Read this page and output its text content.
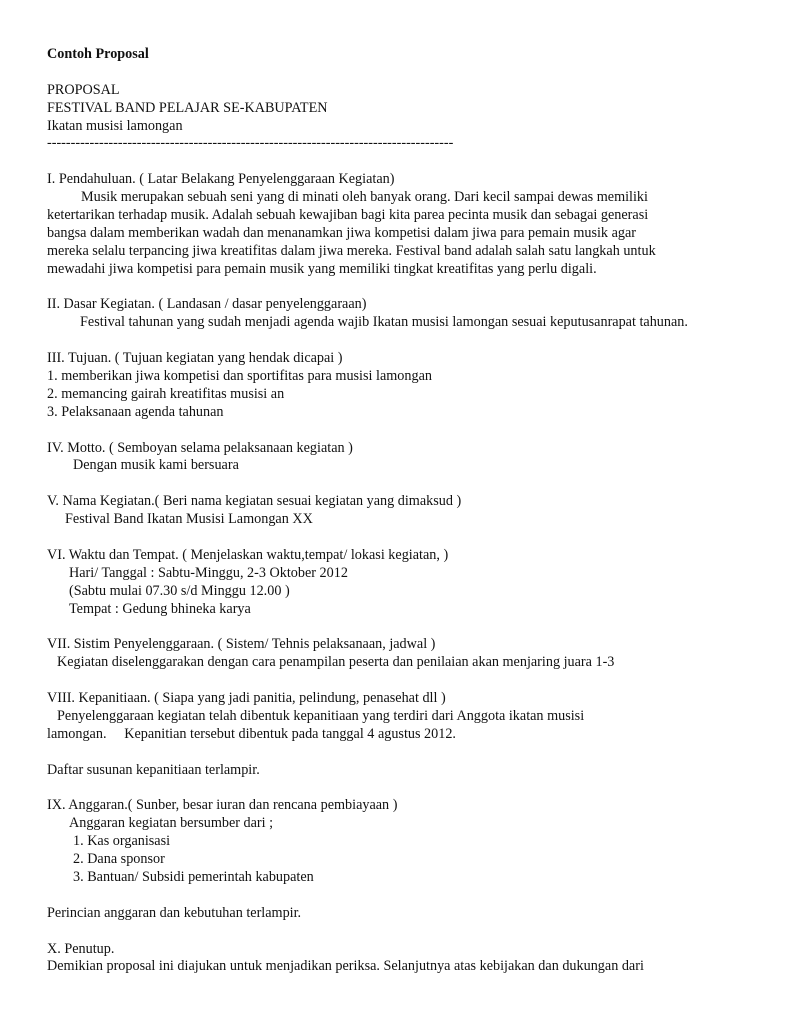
Contoh Proposal
PROPOSAL
FESTIVAL BAND PELAJAR SE-KABUPATEN
Ikatan musisi lamongan
--------------------------------------------------------------------------------------
I. Pendahuluan. ( Latar Belakang Penyelenggaraan Kegiatan)
Musik merupakan sebuah seni yang di minati oleh banyak orang. Dari kecil sampai dewas memiliki
ketertarikan terhadap musik. Adalah sebuah kewajiban bagi kita parea pecinta musik dan sebagai generasi
bangsa dalam memberikan wadah dan menanamkan jiwa kompetisi dalam jiwa para pemain musik agar
mereka selalu terpancing jiwa kreatifitas dalam jiwa mereka. Festival band adalah salah satu langkah untuk
mewadahi jiwa kompetisi para pemain musik yang memiliki tingkat kreatifitas yang perlu digali.
II. Dasar Kegiatan. ( Landasan / dasar penyelenggaraan)
Festival tahunan yang sudah menjadi agenda wajib Ikatan musisi lamongan sesuai keputusanrapat tahunan.
III. Tujuan. ( Tujuan kegiatan yang hendak dicapai )
1. memberikan jiwa kompetisi dan sportifitas para musisi lamongan
2. memancing gairah kreatifitas musisi an
3. Pelaksanaan agenda tahunan
IV. Motto. ( Semboyan selama pelaksanaan kegiatan )
Dengan musik kami bersuara
V. Nama Kegiatan.( Beri nama kegiatan sesuai kegiatan yang dimaksud )
Festival Band Ikatan Musisi Lamongan XX
VI. Waktu dan Tempat. ( Menjelaskan waktu,tempat/ lokasi kegiatan, )
Hari/ Tanggal : Sabtu-Minggu, 2-3 Oktober 2012
(Sabtu mulai 07.30 s/d Minggu 12.00 )
Tempat : Gedung bhineka karya
VII. Sistim Penyelenggaraan. ( Sistem/ Tehnis pelaksanaan, jadwal )
Kegiatan diselenggarakan dengan cara penampilan peserta dan penilaian akan menjaring juara 1-3
VIII. Kepanitiaan. ( Siapa yang jadi panitia, pelindung, penasehat dll )
Penyelenggaraan kegiatan telah dibentuk kepanitiaan yang terdiri dari Anggota ikatan musisi
lamongan.     Kepanitian tersebut dibentuk pada tanggal 4 agustus 2012.
Daftar susunan kepanitiaan terlampir.
IX. Anggaran.( Sunber, besar iuran dan rencana pembiayaan )
Anggaran kegiatan bersumber dari ;
1. Kas organisasi
2. Dana sponsor
3. Bantuan/ Subsidi pemerintah kabupaten
Perincian anggaran dan kebutuhan terlampir.
X. Penutup.
Demikian proposal ini diajukan untuk menjadikan periksa. Selanjutnya atas kebijakan dan dukungan dari
